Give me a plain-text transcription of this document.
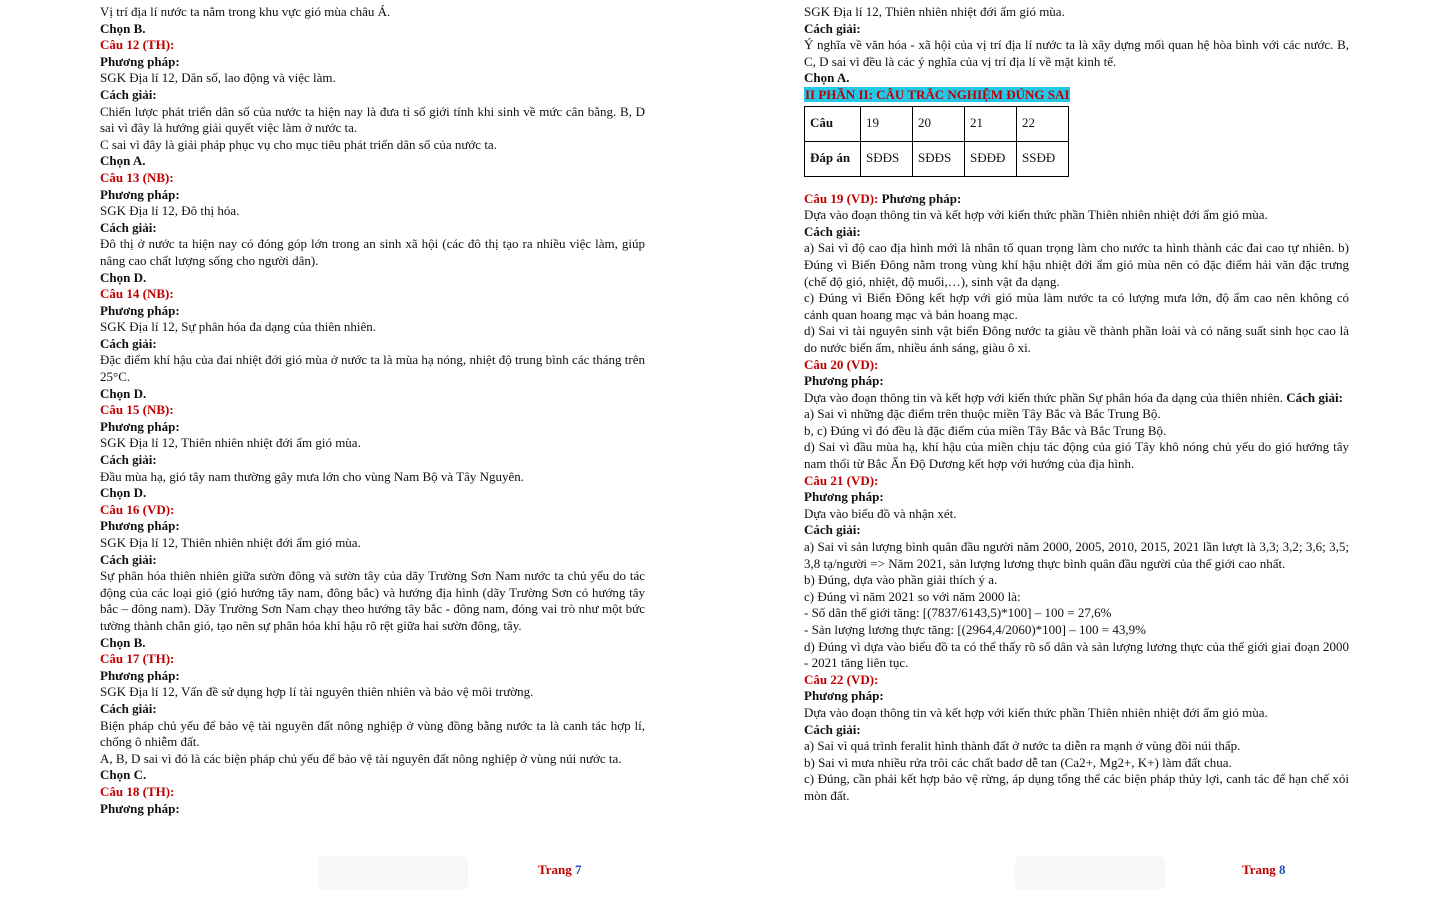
Vị trí địa lí nước ta nằm trong khu vực gió mùa châu Á.
Chọn B.
Câu 12 (TH):
Phương pháp:
SGK Địa lí 12, Dân số, lao động và việc làm.
Cách giải:
Chiến lược phát triển dân số của nước ta hiện nay là đưa tỉ số giới tính khi sinh về mức cân bằng. B, D sai vì đây là hướng giải quyết việc làm ở nước ta.
C sai vì đây là giải pháp phục vụ cho mục tiêu phát triển dân số của nước ta.
Chọn A.
Câu 13 (NB):
Phương pháp:
SGK Địa lí 12, Đô thị hóa.
Cách giải:
Đô thị ở nước ta hiện nay có đóng góp lớn trong an sinh xã hội (các đô thị tạo ra nhiều việc làm, giúp nâng cao chất lượng sống cho người dân).
Chọn D.
Câu 14 (NB):
Phương pháp:
SGK Địa lí 12, Sự phân hóa đa dạng của thiên nhiên.
Cách giải:
Đặc điểm khí hậu của đai nhiệt đới gió mùa ở nước ta là mùa hạ nóng, nhiệt độ trung bình các tháng trên 25°C.
Chọn D.
Câu 15 (NB):
Phương pháp:
SGK Địa lí 12, Thiên nhiên nhiệt đới ẩm gió mùa.
Cách giải:
Đầu mùa hạ, gió tây nam thường gây mưa lớn cho vùng Nam Bộ và Tây Nguyên.
Chọn D.
Câu 16 (VD):
Phương pháp:
SGK Địa lí 12, Thiên nhiên nhiệt đới ẩm gió mùa.
Cách giải:
Sự phân hóa thiên nhiên giữa sườn đông và sườn tây của dãy Trường Sơn Nam nước ta chủ yếu do tác động của các loại gió (gió hướng tây nam, đông bắc) và hướng địa hình (dãy Trường Sơn có hướng tây bắc – đông nam). Dãy Trường Sơn Nam chạy theo hướng tây bắc - đông nam, đóng vai trò như một bức tường thành chắn gió, tạo nên sự phân hóa khí hậu rõ rệt giữa hai sườn đông, tây.
Chọn B.
Câu 17 (TH):
Phương pháp:
SGK Địa lí 12, Vấn đề sử dụng hợp lí tài nguyên thiên nhiên và bảo vệ môi trường.
Cách giải:
Biện pháp chủ yếu để bảo vệ tài nguyên đất nông nghiệp ở vùng đồng bằng nước ta là canh tác hợp lí, chống ô nhiễm đất.
A, B, D sai vì đó là các biện pháp chủ yếu để bảo vệ tài nguyên đất nông nghiệp ở vùng núi nước ta.
Chọn C.
Câu 18 (TH):
Phương pháp:
SGK Địa lí 12, Thiên nhiên nhiệt đới ẩm gió mùa.
Cách giải:
Ý nghĩa về văn hóa - xã hội của vị trí địa lí nước ta là xây dựng mối quan hệ hòa bình với các nước. B, C, D sai vì đều là các ý nghĩa của vị trí địa lí về mặt kinh tế.
Chọn A.
II PHẦN II: CÂU TRẮC NGHIỆM ĐÚNG SAI
Câu	19	20	21	22
Đáp án	SĐĐS	SĐĐS	SĐĐĐ	SSĐĐ
Câu 19 (VD): Phương pháp:
Dựa vào đoạn thông tin và kết hợp với kiến thức phần Thiên nhiên nhiệt đới ẩm gió mùa.
Cách giải:
a) Sai vì độ cao địa hình mới là nhân tố quan trọng làm cho nước ta hình thành các đai cao tự nhiên. b) Đúng vì Biển Đông nằm trong vùng khí hậu nhiệt đới ẩm gió mùa nên có đặc điểm hải văn đặc trưng (chế độ gió, nhiệt, độ muối,…), sinh vật đa dạng.
c) Đúng vì Biển Đông kết hợp với gió mùa làm nước ta có lượng mưa lớn, độ ẩm cao nên không có cảnh quan hoang mạc và bán hoang mạc.
d) Sai vì tài nguyên sinh vật biển Đông nước ta giàu về thành phần loài và có năng suất sinh học cao là do nước biển ấm, nhiều ánh sáng, giàu ô xi.
Câu 20 (VD):
Phương pháp:
Dựa vào đoạn thông tin và kết hợp với kiến thức phần Sự phân hóa đa dạng của thiên nhiên. Cách giải:
a) Sai vì những đặc điểm trên thuộc miền Tây Bắc và Bắc Trung Bộ.
b, c) Đúng vì đó đều là đặc điểm của miền Tây Bắc và Bắc Trung Bộ.
d) Sai vì đầu mùa hạ, khí hậu của miền chịu tác động của gió Tây khô nóng chủ yếu do gió hướng tây nam thổi từ Bắc Ấn Độ Dương kết hợp với hướng của địa hình.
Câu 21 (VD):
Phương pháp:
Dựa vào biểu đồ và nhận xét.
Cách giải:
a) Sai vì sản lượng bình quân đầu người năm 2000, 2005, 2010, 2015, 2021 lần lượt là 3,3; 3,2; 3,6; 3,5; 3,8 tạ/người => Năm 2021, sản lượng lương thực bình quân đầu người của thế giới cao nhất.
b) Đúng, dựa vào phần giải thích ý a.
c) Đúng vì năm 2021 so với năm 2000 là:
- Số dân thế giới tăng: [(7837/6143,5)*100] – 100 = 27,6%
- Sản lượng lương thực tăng: [(2964,4/2060)*100] – 100 = 43,9%
d) Đúng vì dựa vào biểu đồ ta có thể thấy rõ số dân và sản lượng lương thực của thế giới giai đoạn 2000 - 2021 tăng liên tục.
Câu 22 (VD):
Phương pháp:
Dựa vào đoạn thông tin và kết hợp với kiến thức phần Thiên nhiên nhiệt đới ẩm gió mùa.
Cách giải:
a) Sai vì quá trình feralit hình thành đất ở nước ta diễn ra mạnh ở vùng đồi núi thấp.
b) Sai vì mưa nhiều rửa trôi các chất badơ dễ tan (Ca2+, Mg2+, K+) làm đất chua.
c) Đúng, cần phải kết hợp bảo vệ rừng, áp dụng tổng thể các biện pháp thủy lợi, canh tác để hạn chế xói mòn đất.
Trang 7	Trang 8
